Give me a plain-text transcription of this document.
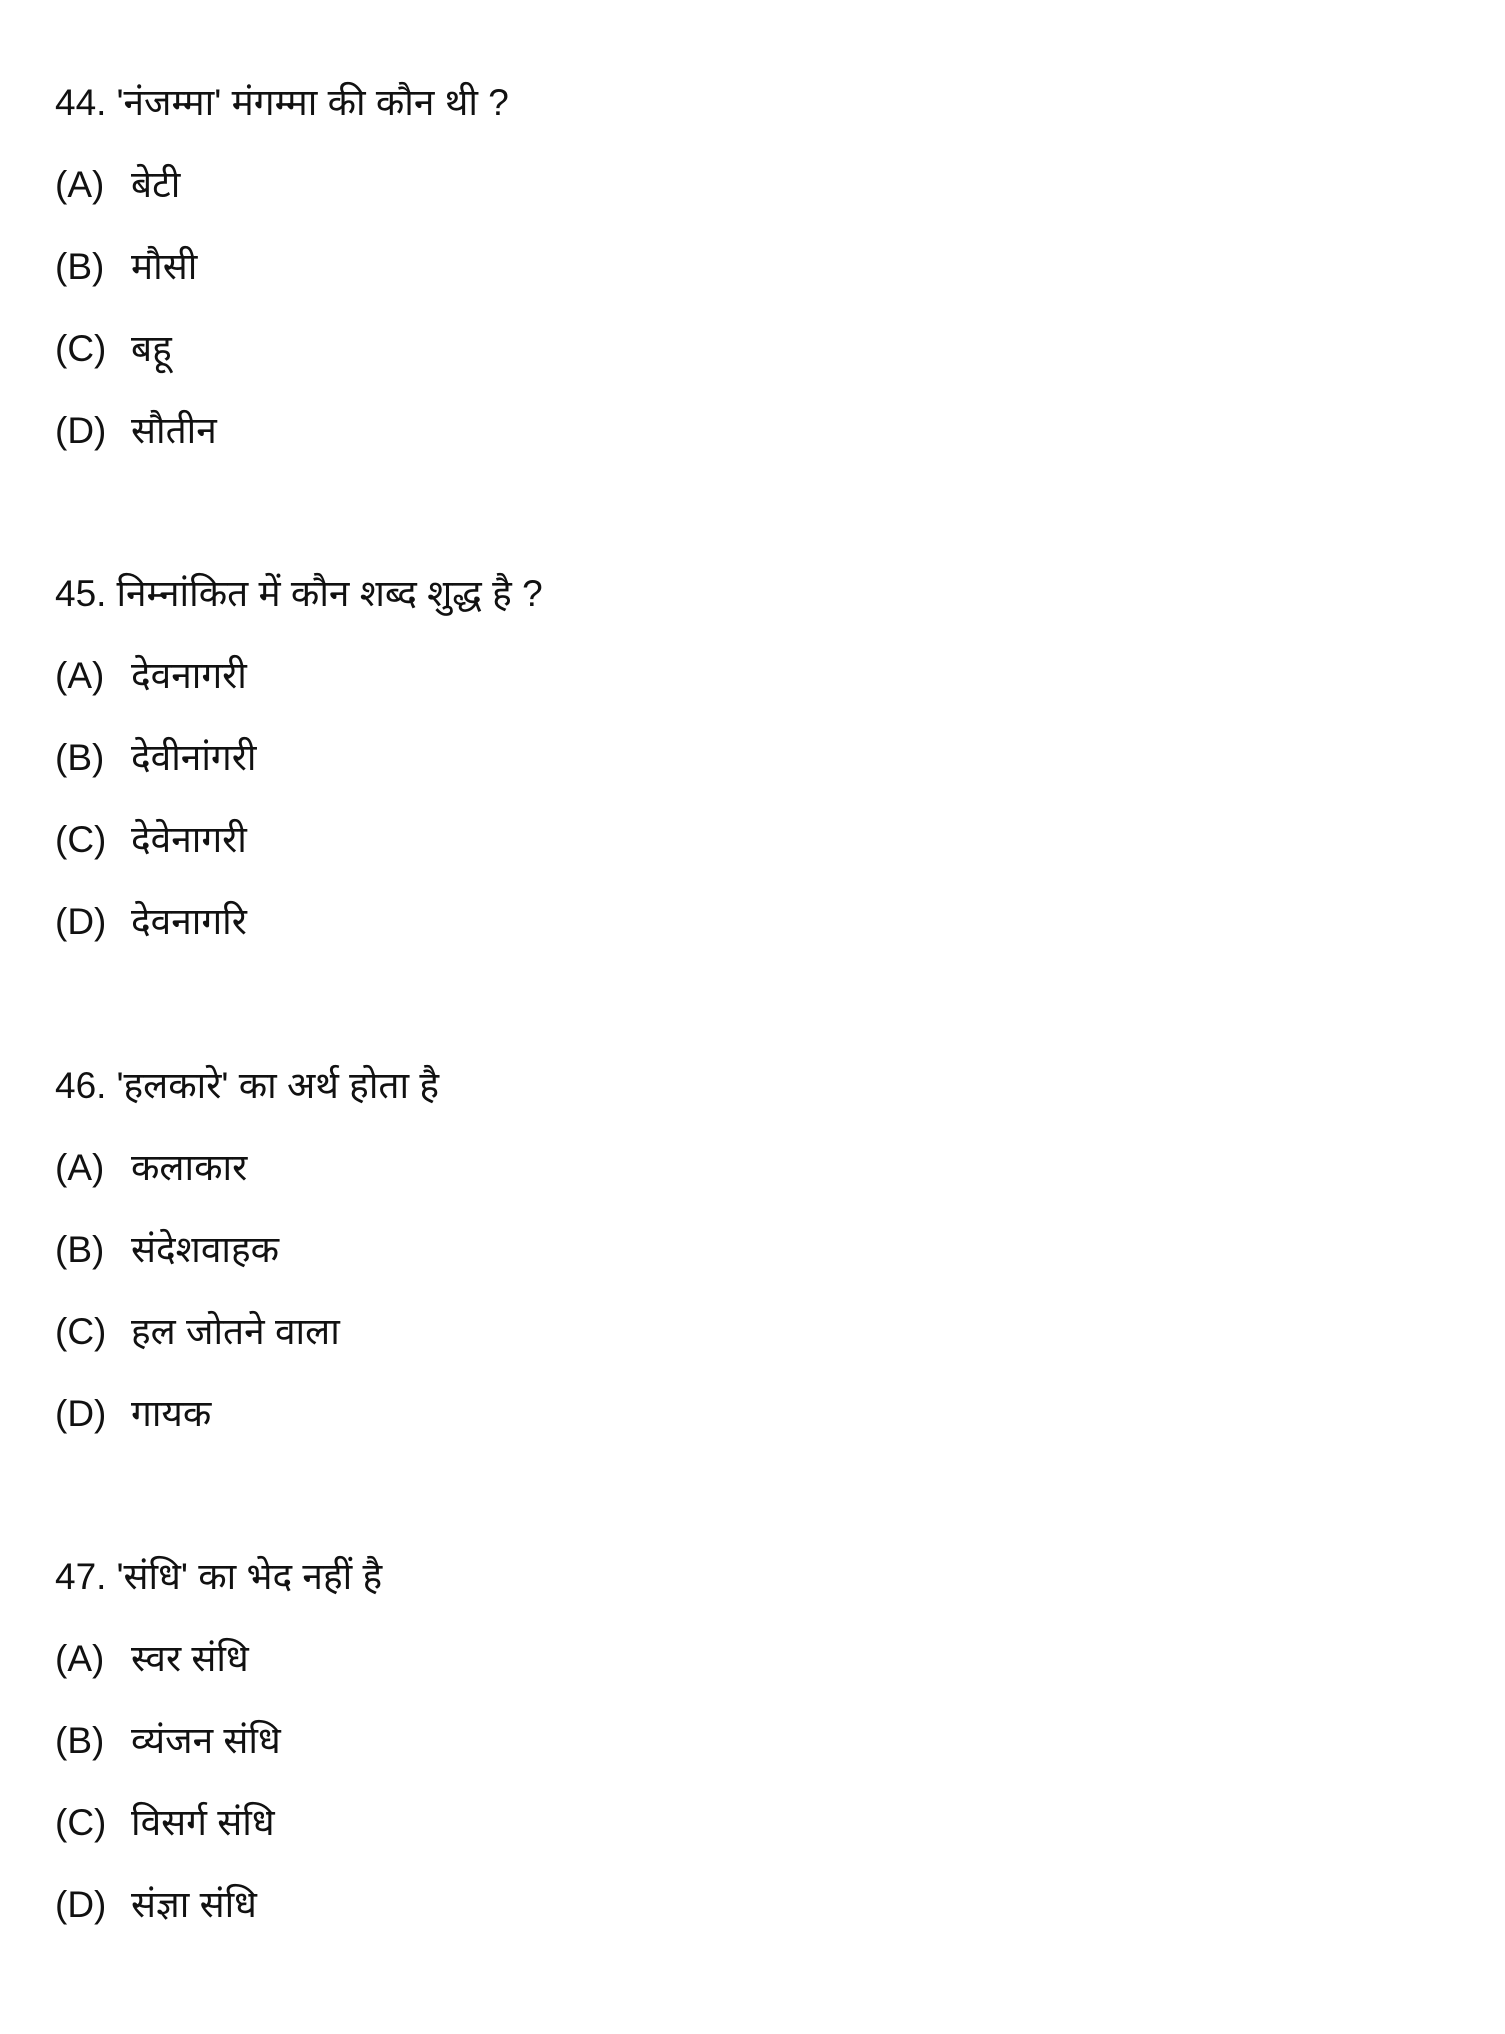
44. 'नंजम्मा' मंगम्मा की कौन थी ?
(A) बेटी
(B) मौसी
(C) बहू
(D) सौतीन
45. निम्नांकित में कौन शब्द शुद्ध है ?
(A) देवनागरी
(B) देवीनांगरी
(C) देवेनागरी
(D) देवनागरि
46. 'हलकारे' का अर्थ होता है
(A) कलाकार
(B) संदेशवाहक
(C) हल जोतने वाला
(D) गायक
47. 'संधि' का भेद नहीं है
(A) स्वर संधि
(B) व्यंजन संधि
(C) विसर्ग संधि
(D) संज्ञा संधि
